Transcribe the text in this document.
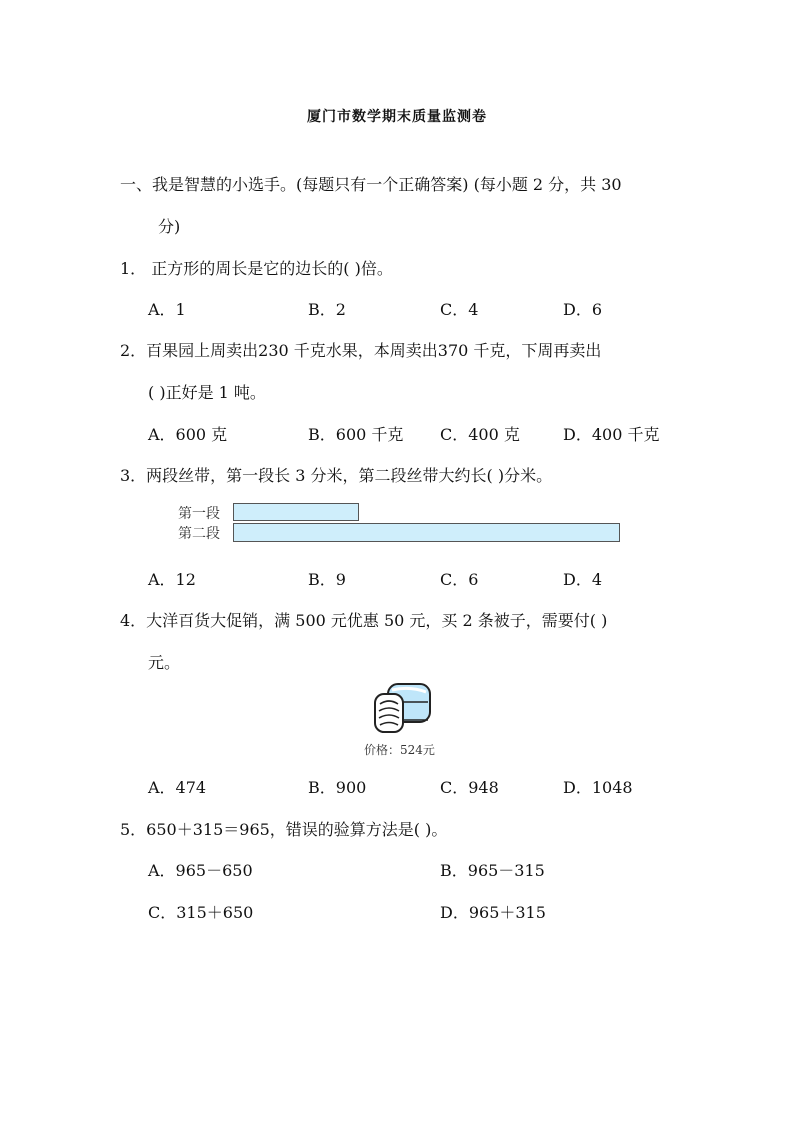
厦门市数学期末质量监测卷
一、我是智慧的小选手。(每题只有一个正确答案) (每小题 2 分，共 30
分)
1． 正方形的周长是它的边长的( )倍。
A．1	B．2	C．4	D．6
2．百果园上周卖出230 千克水果，本周卖出370 千克，下周再卖出
( )正好是 1 吨。
A．600 克	B．600 千克 C．400 克	D．400 千克
3．两段丝带，第一段长 3 分米，第二段丝带大约长( )分米。
第一段
第二段
A．12	B．9	C．6	D．4
4．大洋百货大促销，满 500 元优惠 50 元，买 2 条被子，需要付( )
元。
价格：524元
A．474	B．900	C．948	D．1048
5．650＋315＝965，错误的验算方法是( )。
A．965－650	B．965－315
C．315＋650	D．965＋315
